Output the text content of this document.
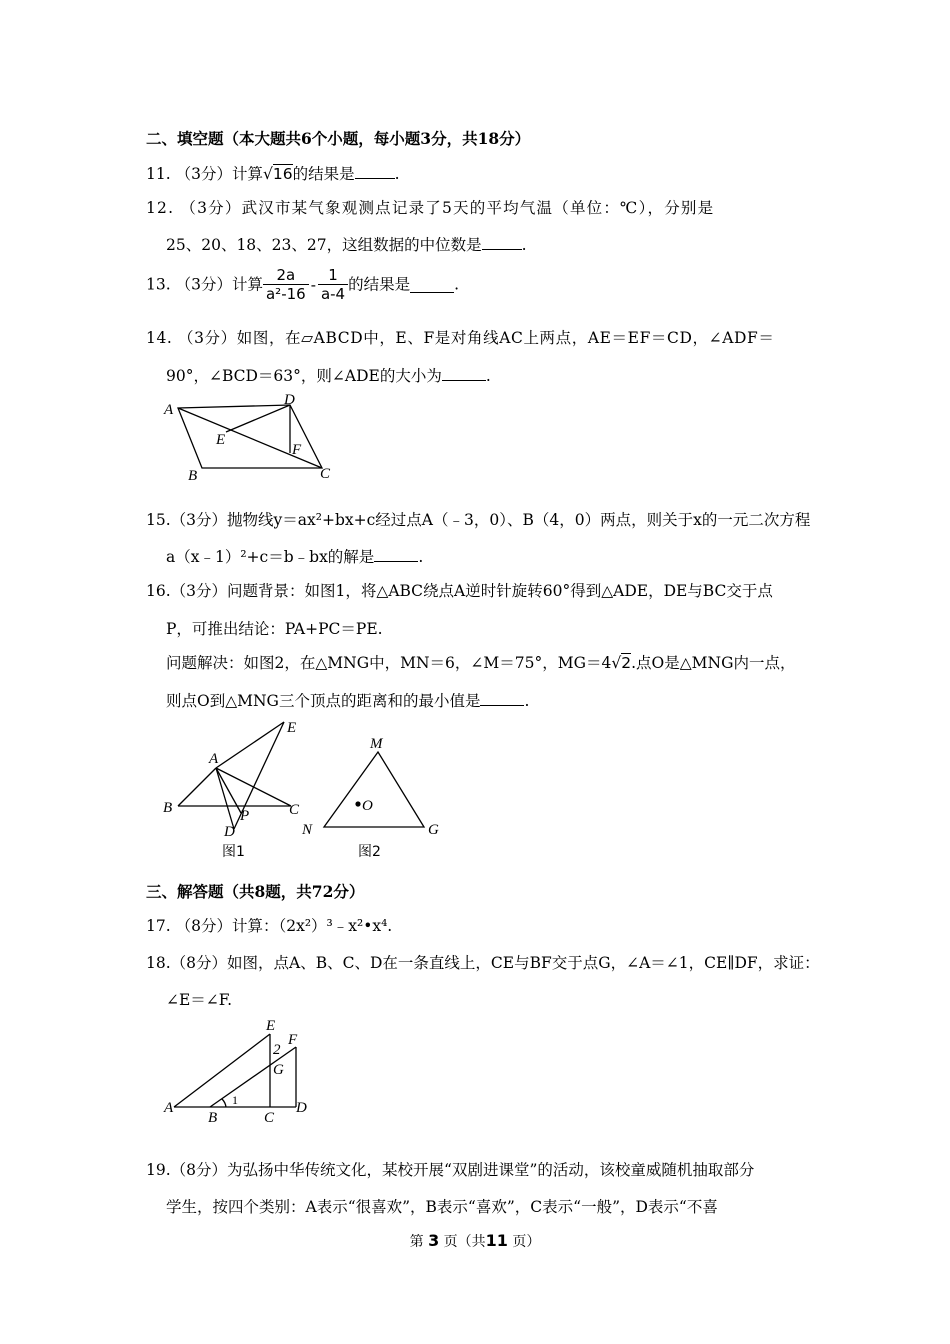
二、填空题（本大题共6个小题，每小题3分，共18分）
11. （3分）计算√16的结果是	.
12. （3分）武汉市某气象观测点记录了5天的平均气温（单位：℃），分别是
25、20、18、23、27，这组数据的中位数是	.
13. （3分）计算 $\frac{2a}{\text{a²-16}} - \frac{1}{a-4}$ 的结果是	.
14. （3分）如图，在▱ABCD中，E、F是对角线AC上两点，AE＝EF＝CD，∠ADF＝
90°，∠BCD＝63°，则∠ADE的大小为	.
A
D
E
F
B	C
15.（3分）抛物线y＝ax²+bx+c经过点A（﹣3，0）、B（4，0）两点，则关于x的一元二次方程
a（x﹣1）²+c＝b﹣bx的解是	.
16.（3分）问题背景：如图1，将△ABC绕点A逆时针旋转60°得到△ADE，DE与BC交于点
P，可推出结论：PA+PC＝PE.
问题解决：如图2，在△MNG中，MN＝6，∠M＝75°，MG＝4√2.点O是△MNG内一点，
则点O到△MNG三个顶点的距离和的最小值是	.
E
A
B	C
P
D
M
O
N	G
图1	图2
三、解答题（共8题，共72分）
17. （8分）计算：（2x²）³﹣x²•x⁴.
18.（8分）如图，点A、B、C、D在一条直线上，CE与BF交于点G，∠A＝∠1，CE∥DF，求证：
∠E＝∠F.
E
F
2
G
A
B
1
C
D
19.（8分）为弘扬中华传统文化，某校开展“双剧进课堂”的活动，该校童威随机抽取部分
学生，按四个类别：A表示“很喜欢”，B表示“喜欢”，C表示“一般”，D表示“不喜
第 3 页（共11 页）
